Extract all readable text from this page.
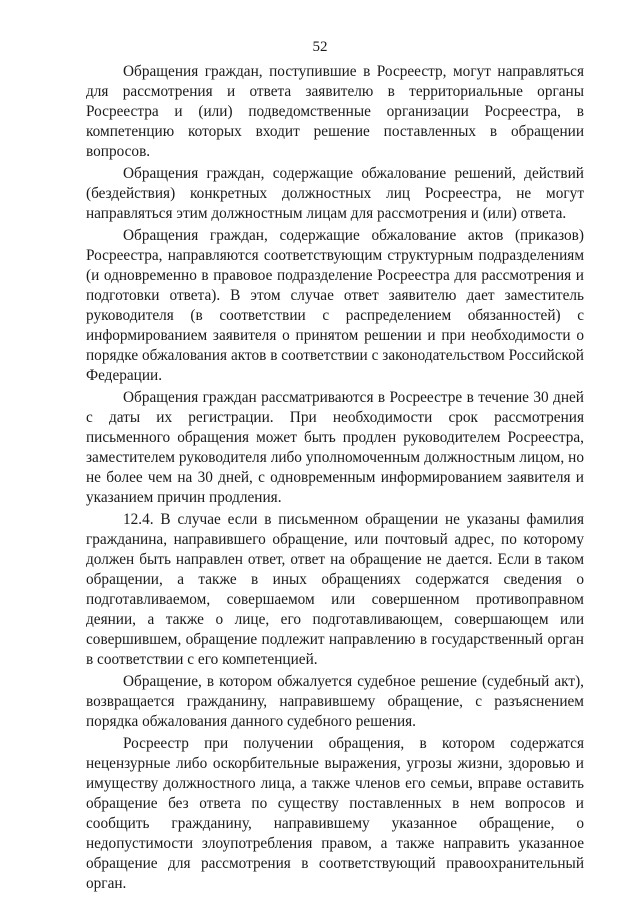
52

Обращения граждан, поступившие в Росреестр, могут направляться для рассмотрения и ответа заявителю в территориальные органы Росреестра и (или) подведомственные организации Росреестра, в компетенцию которых входит решение поставленных в обращении вопросов.

Обращения граждан, содержащие обжалование решений, действий (бездействия) конкретных должностных лиц Росреестра, не могут направляться этим должностным лицам для рассмотрения и (или) ответа.

Обращения граждан, содержащие обжалование актов (приказов) Росреестра, направляются соответствующим структурным подразделениям (и одновременно в правовое подразделение Росреестра для рассмотрения и подготовки ответа). В этом случае ответ заявителю дает заместитель руководителя (в соответствии с распределением обязанностей) с информированием заявителя о принятом решении и при необходимости о порядке обжалования актов в соответствии с законодательством Российской Федерации.

Обращения граждан рассматриваются в Росреестре в течение 30 дней с даты их регистрации. При необходимости срок рассмотрения письменного обращения может быть продлен руководителем Росреестра, заместителем руководителя либо уполномоченным должностным лицом, но не более чем на 30 дней, с одновременным информированием заявителя и указанием причин продления.

12.4. В случае если в письменном обращении не указаны фамилия гражданина, направившего обращение, или почтовый адрес, по которому должен быть направлен ответ, ответ на обращение не дается. Если в таком обращении, а также в иных обращениях содержатся сведения о подготавливаемом, совершаемом или совершенном противоправном деянии, а также о лице, его подготавливающем, совершающем или совершившем, обращение подлежит направлению в государственный орган в соответствии с его компетенцией.

Обращение, в котором обжалуется судебное решение (судебный акт), возвращается гражданину, направившему обращение, с разъяснением порядка обжалования данного судебного решения.

Росреестр при получении обращения, в котором содержатся нецензурные либо оскорбительные выражения, угрозы жизни, здоровью и имуществу должностного лица, а также членов его семьи, вправе оставить обращение без ответа по существу поставленных в нем вопросов и сообщить гражданину, направившему указанное обращение, о недопустимости злоупотребления правом, а также направить указанное обращение для рассмотрения в соответствующий правоохранительный орган.
